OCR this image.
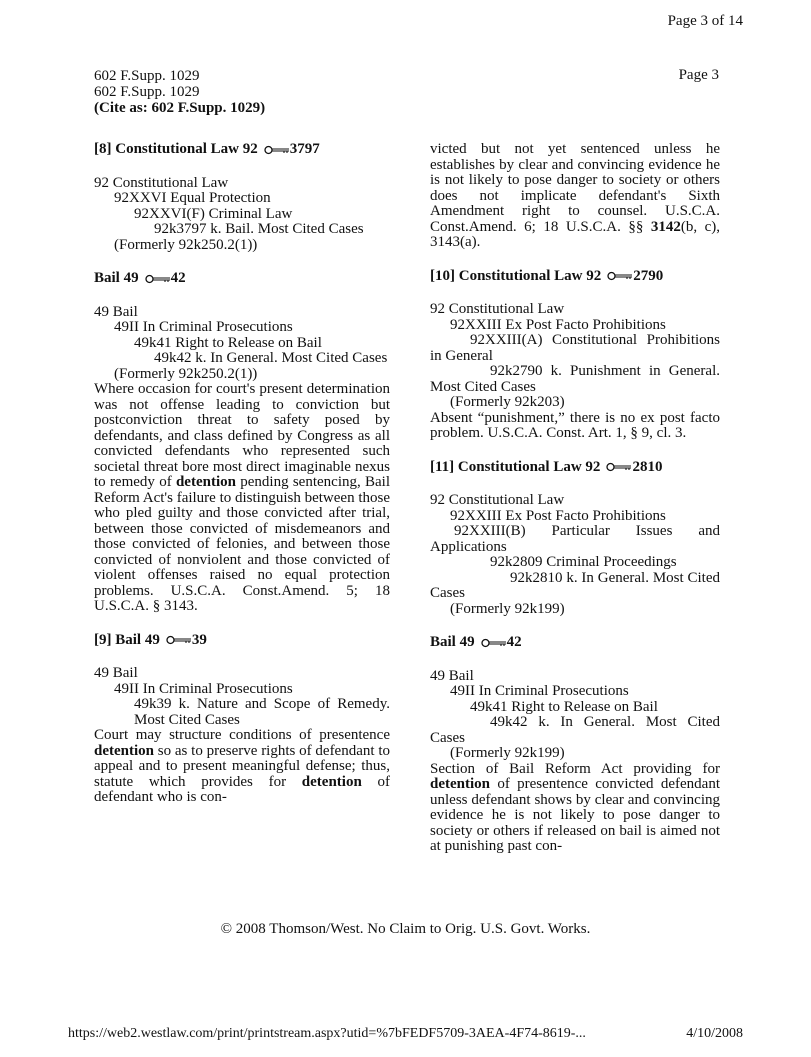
Page 3 of 14
602 F.Supp. 1029
602 F.Supp. 1029
(Cite as: 602 F.Supp. 1029)
Page 3
[8] Constitutional Law 92 3797
92 Constitutional Law
92XXVI Equal Protection
92XXVI(F) Criminal Law
92k3797 k. Bail. Most Cited Cases
(Formerly 92k250.2(1))
Bail 49 42
49 Bail
49II In Criminal Prosecutions
49k41 Right to Release on Bail
49k42 k. In General. Most Cited Cases
(Formerly 92k250.2(1))
Where occasion for court's present determination was not offense leading to conviction but postconviction threat to safety posed by defendants, and class defined by Congress as all convicted defendants who represented such societal threat bore most direct imaginable nexus to remedy of detention pending sentencing, Bail Reform Act's failure to distinguish between those who pled guilty and those convicted after trial, between those convicted of misdemeanors and those convicted of felonies, and between those convicted of nonviolent and those convicted of violent offenses raised no equal protection problems. U.S.C.A. Const.Amend. 5; 18 U.S.C.A. § 3143.
[9] Bail 49 39
49 Bail
49II In Criminal Prosecutions
49k39 k. Nature and Scope of Remedy. Most Cited Cases
Court may structure conditions of presentence detention so as to preserve rights of defendant to appeal and to present meaningful defense; thus, statute which provides for detention of defendant who is con-
victed but not yet sentenced unless he establishes by clear and convincing evidence he is not likely to pose danger to society or others does not implicate defendant's Sixth Amendment right to counsel. U.S.C.A. Const.Amend. 6; 18 U.S.C.A. §§ 3142(b, c), 3143(a).
[10] Constitutional Law 92 2790
92 Constitutional Law
92XXIII Ex Post Facto Prohibitions
92XXIII(A) Constitutional Prohibitions in General
92k2790 k. Punishment in General. Most Cited Cases
(Formerly 92k203)
Absent “punishment,” there is no ex post facto problem. U.S.C.A. Const. Art. 1, § 9, cl. 3.
[11] Constitutional Law 92 2810
92 Constitutional Law
92XXIII Ex Post Facto Prohibitions
92XXIII(B) Particular Issues and Applications
92k2809 Criminal Proceedings
92k2810 k. In General. Most Cited Cases
(Formerly 92k199)
Bail 49 42
49 Bail
49II In Criminal Prosecutions
49k41 Right to Release on Bail
49k42 k. In General. Most Cited Cases
(Formerly 92k199)
Section of Bail Reform Act providing for detention of presentence convicted defendant unless defendant shows by clear and convincing evidence he is not likely to pose danger to society or others if released on bail is aimed not at punishing past con-
© 2008 Thomson/West. No Claim to Orig. U.S. Govt. Works.
https://web2.westlaw.com/print/printstream.aspx?utid=%7bFEDF5709-3AEA-4F74-8619-...	4/10/2008
